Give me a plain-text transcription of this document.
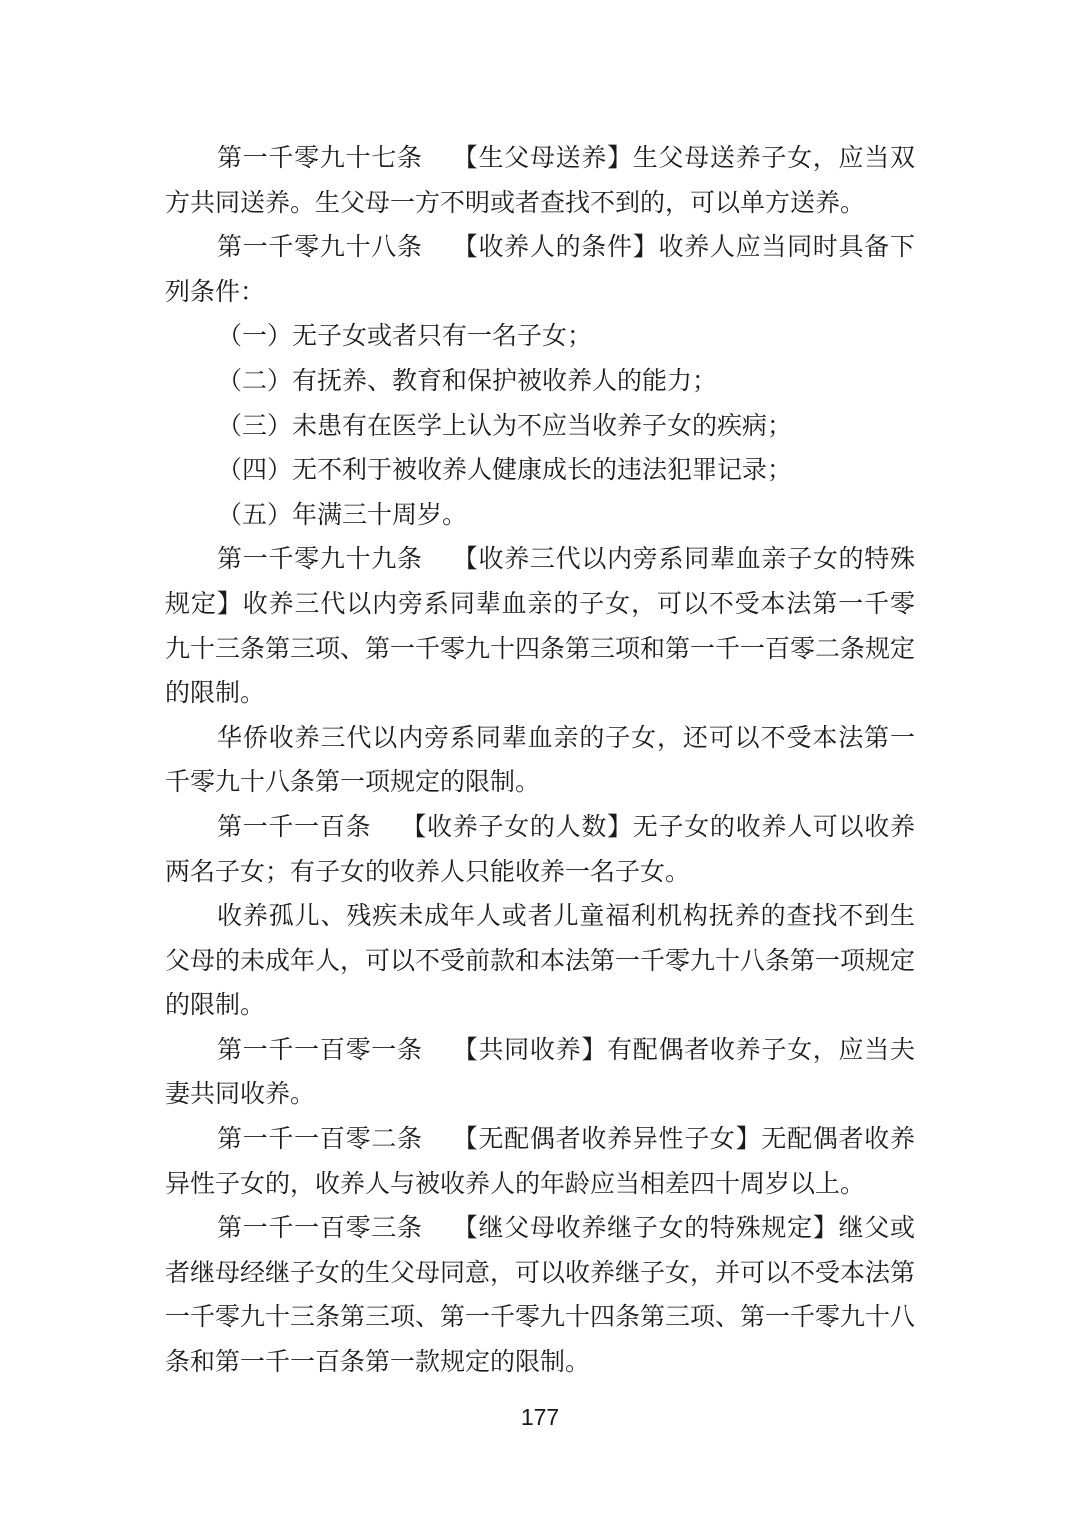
第一千零九十七条 【生父母送养】生父母送养子女，应当双方共同送养。生父母一方不明或者查找不到的，可以单方送养。

第一千零九十八条 【收养人的条件】收养人应当同时具备下列条件：

（一）无子女或者只有一名子女；

（二）有抚养、教育和保护被收养人的能力；

（三）未患有在医学上认为不应当收养子女的疾病；

（四）无不利于被收养人健康成长的违法犯罪记录；

（五）年满三十周岁。

第一千零九十九条 【收养三代以内旁系同辈血亲子女的特殊规定】收养三代以内旁系同辈血亲的子女，可以不受本法第一千零九十三条第三项、第一千零九十四条第三项和第一千一百零二条规定的限制。

华侨收养三代以内旁系同辈血亲的子女，还可以不受本法第一千零九十八条第一项规定的限制。

第一千一百条 【收养子女的人数】无子女的收养人可以收养两名子女；有子女的收养人只能收养一名子女。

收养孤儿、残疾未成年人或者儿童福利机构抚养的查找不到生父母的未成年人，可以不受前款和本法第一千零九十八条第一项规定的限制。

第一千一百零一条 【共同收养】有配偶者收养子女，应当夫妻共同收养。

第一千一百零二条 【无配偶者收养异性子女】无配偶者收养异性子女的，收养人与被收养人的年龄应当相差四十周岁以上。

第一千一百零三条 【继父母收养继子女的特殊规定】继父或者继母经继子女的生父母同意，可以收养继子女，并可以不受本法第一千零九十三条第三项、第一千零九十四条第三项、第一千零九十八条和第一千一百条第一款规定的限制。

177
